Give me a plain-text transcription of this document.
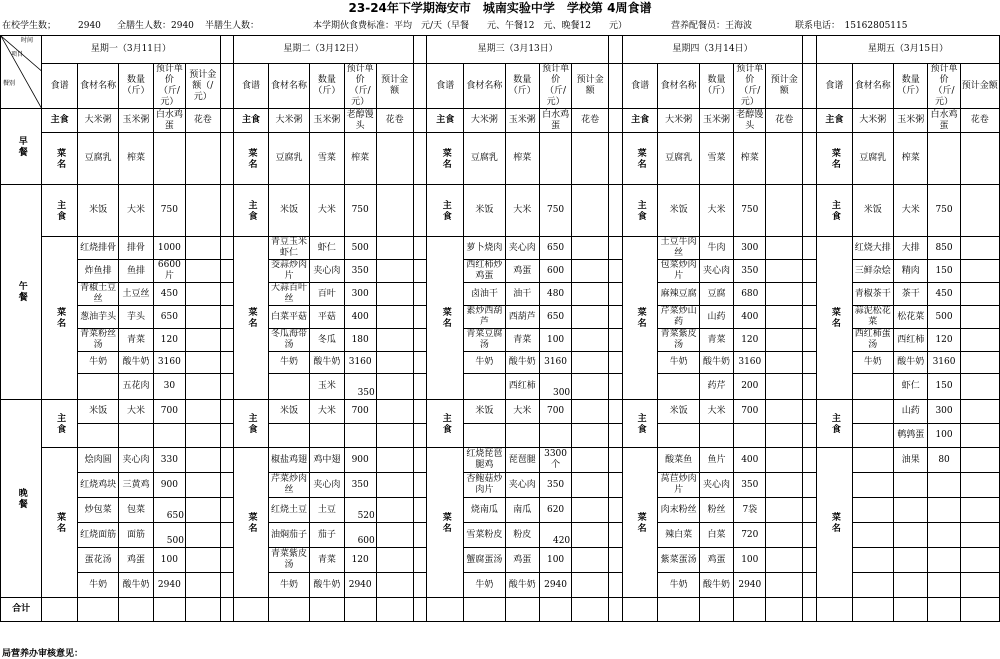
23-24年下学期海安市　城南实验中学　学校第 4周食谱
在校学生数； 2940 全膳生人数：2940 半膳生人数：	本学期伙食费标准：平均　元/天（早餐　　元、午餐12　元、晚餐12　　元）	营养配餐员：王海波	联系电话：　15162805115
时间
项目
餐别	星期一（3月11日）						星期二（3月12日）						星期三（3月13日）						星期四（3月14日）						星期五（3月15日）				
	食谱	食材名称	数量（斤）	预计单价（斤/元）	预计金额（/元）		食谱	食材名称	数量（斤）	预计单价（斤/元）	预计金额		食谱	食材名称	数量（斤）	预计单价（斤/元）	预计金额		食谱	食材名称	数量（斤）	预计单价（斤/元）	预计金额		食谱	食材名称	数量（斤）	预计单价（斤/元）	预计金额
早餐	主食	大米粥	玉米粥	白水鸡蛋	花卷		主食	大米粥	玉米粥	老醇馒头	花卷		主食	大米粥	玉米粥	白水鸡蛋	花卷		主食	大米粥	玉米粥	老醇馒头	花卷		主食	大米粥	玉米粥	白水鸡蛋	花卷
	菜名	豆腐乳	榨菜				菜名	豆腐乳	雪菜	榨菜			菜名	豆腐乳	榨菜				菜名	豆腐乳	雪菜	榨菜			菜名	豆腐乳	榨菜		
午餐	主食	米饭	大米	750			主食	米饭	大米	750			主食	米饭	大米	750			主食	米饭	大米	750			主食	米饭	大米	750	
	菜名	红烧排骨	排骨	1000			菜名	青豆玉米虾仁	虾仁	500			菜名	萝卜烧肉	夹心肉	650			菜名	土豆牛肉丝	牛肉	300			菜名	红烧大排	大排	850	
		炸鱼排	鱼排	6600片				茭蒜炒肉片	夹心肉	350				西红柿炒鸡蛋	鸡蛋	600				包菜炒肉片	夹心肉	350				三鲜杂烩	精肉	150	
		青椒土豆丝	土豆丝	450				大蒜百叶丝	百叶	300				卤油干	油干	480				麻辣豆腐	豆腐	680				青椒茶干	茶干	450	
		葱油芋头	芋头	650				白菜平菇	平菇	400				素炒西葫芦	西葫芦	650				芹菜炒山药	山药	400				蒜泥松花菜	松花菜	500	
		青菜粉丝汤	青菜	120				冬瓜海带汤	冬瓜	180				青菜豆腐汤	青菜	100				青菜紫皮汤	青菜	120				西红柿蛋汤	西红柿	120	
		牛奶	酸牛奶	3160				牛奶	酸牛奶	3160				牛奶	酸牛奶	3160				牛奶	酸牛奶	3160				牛奶	酸牛奶	3160	
			五花肉	30					玉米	350					西红柿	300					药芹	200					虾仁	150	
晚餐	主食	米饭	大米	700			主食	米饭	大米	700			主食	米饭	大米	700			主食	米饭	大米	700			主食		山药	300	
																											鹌鹑蛋	100	
	菜名	烩肉圆	夹心肉	330			菜名	椒盐鸡翅	鸡中翅	900			菜名	红烧琵琶腿鸡	琵琶腿	3300个			菜名	酸菜鱼	鱼片	400			菜名		油果	80	
		红烧鸡块	三黄鸡	900				芹菜炒肉丝	夹心肉	350				杏鲍菇炒肉片	夹心肉	350				莴苣炒肉片	夹心肉	350							
		炒包菜	包菜	650				红烧土豆	土豆	520				烧南瓜	南瓜	620				肉末粉丝	粉丝	7袋							
		红烧面筋	面筋	500				油焖茄子	茄子	600				雪菜粉皮	粉皮	420				辣白菜	白菜	720							
		蛋花汤	鸡蛋	100				青菜紫皮汤	青菜	120				蟹腐蛋汤	鸡蛋	100				紫菜蛋汤	鸡蛋	100							
		牛奶	酸牛奶	2940				牛奶	酸牛奶	2940				牛奶	酸牛奶	2940				牛奶	酸牛奶	2940							
合计																													
局营养办审核意见：
